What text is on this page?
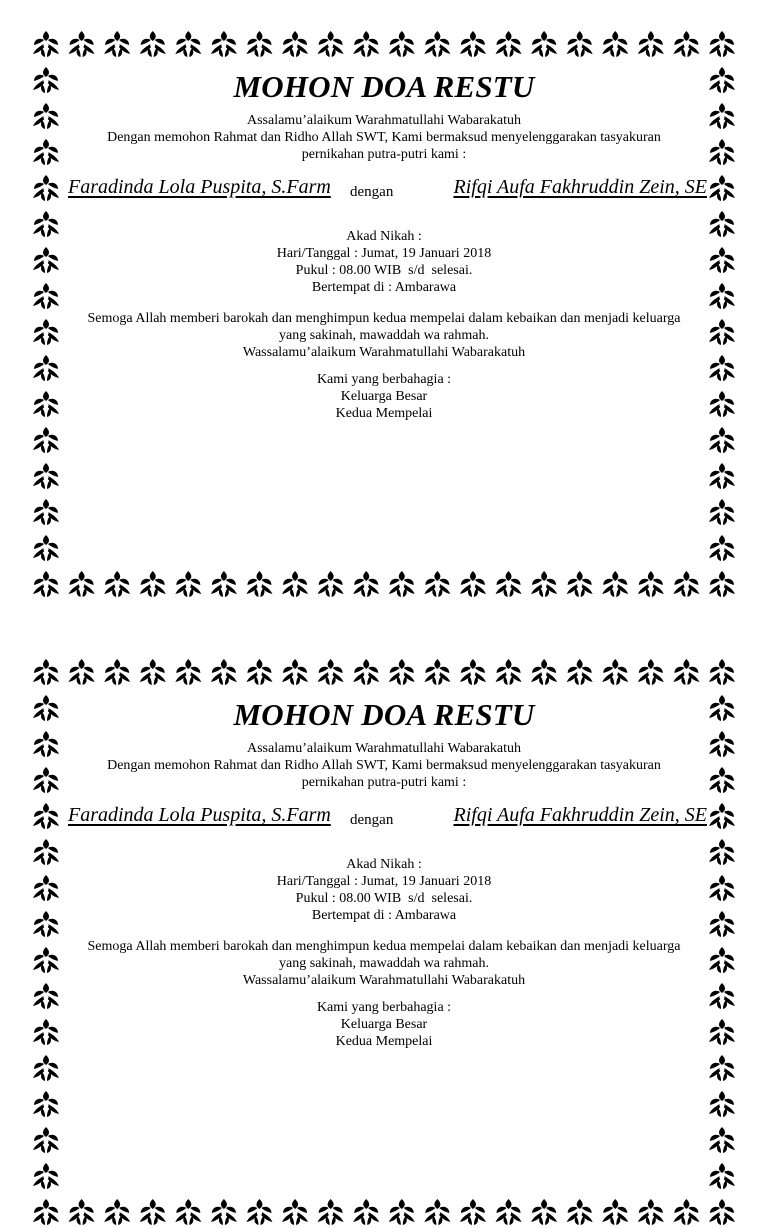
MOHON DOA RESTU
Assalamu’alaikum Warahmatullahi Wabarakatuh
Dengan memohon Rahmat dan Ridho Allah SWT, Kami bermaksud menyelenggarakan tasyakuran
pernikahan putra-putri kami :
Faradinda Lola Puspita, S.Farm dengan	Rifqi Aufa Fakhruddin Zein, SE
Akad Nikah :
Hari/Tanggal : Jumat, 19 Januari 2018
Pukul : 08.00 WIB  s/d  selesai.
Bertempat di : Ambarawa
Semoga Allah memberi barokah dan menghimpun kedua mempelai dalam kebaikan dan menjadi keluarga
yang sakinah, mawaddah wa rahmah.
Wassalamu’alaikum Warahmatullahi Wabarakatuh
Kami yang berbahagia :
Keluarga Besar
Kedua Mempelai
MOHON DOA RESTU
Assalamu’alaikum Warahmatullahi Wabarakatuh
Dengan memohon Rahmat dan Ridho Allah SWT, Kami bermaksud menyelenggarakan tasyakuran
pernikahan putra-putri kami :
Faradinda Lola Puspita, S.Farm dengan	Rifqi Aufa Fakhruddin Zein, SE
Akad Nikah :
Hari/Tanggal : Jumat, 19 Januari 2018
Pukul : 08.00 WIB  s/d  selesai.
Bertempat di : Ambarawa
Semoga Allah memberi barokah dan menghimpun kedua mempelai dalam kebaikan dan menjadi keluarga
yang sakinah, mawaddah wa rahmah.
Wassalamu’alaikum Warahmatullahi Wabarakatuh
Kami yang berbahagia :
Keluarga Besar
Kedua Mempelai
